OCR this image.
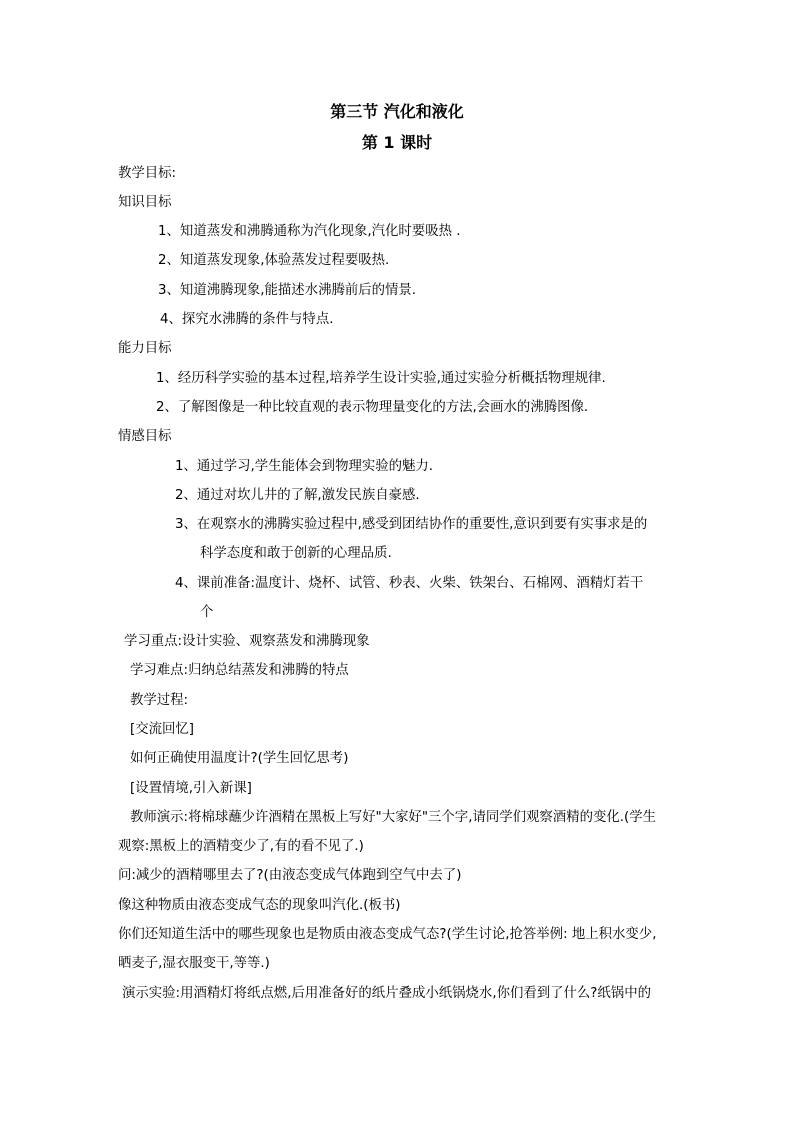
第三节 汽化和液化
第 1 课时
教学目标:
知识目标
1、知道蒸发和沸腾通称为汽化现象,汽化时要吸热 .
2、知道蒸发现象,体验蒸发过程要吸热.
3、知道沸腾现象,能描述水沸腾前后的情景.
4、探究水沸腾的条件与特点.
能力目标
1、经历科学实验的基本过程,培养学生设计实验,通过实验分析概括物理规律.
2、了解图像是一种比较直观的表示物理量变化的方法,会画水的沸腾图像.
情感目标
1、通过学习,学生能体会到物理实验的魅力.
2、通过对坎儿井的了解,激发民族自豪感.
3、在观察水的沸腾实验过程中,感受到团结协作的重要性,意识到要有实事求是的
科学态度和敢于创新的心理品质.
4、课前准备:温度计、烧杯、试管、秒表、火柴、铁架台、石棉网、酒精灯若干
个
学习重点:设计实验、观察蒸发和沸腾现象
学习难点:归纳总结蒸发和沸腾的特点
教学过程:
[交流回忆]
如何正确使用温度计?(学生回忆思考)
[设置情境,引入新课]
教师演示:将棉球蘸少许酒精在黑板上写好"大家好"三个字,请同学们观察酒精的变化.(学生
观察:黑板上的酒精变少了,有的看不见了.)
问:减少的酒精哪里去了?(由液态变成气体跑到空气中去了)
像这种物质由液态变成气态的现象叫汽化.(板书)
你们还知道生活中的哪些现象也是物质由液态变成气态?(学生讨论,抢答举例: 地上积水变少,
晒麦子,湿衣服变干,等等.)
演示实验:用酒精灯将纸点燃,后用准备好的纸片叠成小纸锅烧水,你们看到了什么?纸锅中的
